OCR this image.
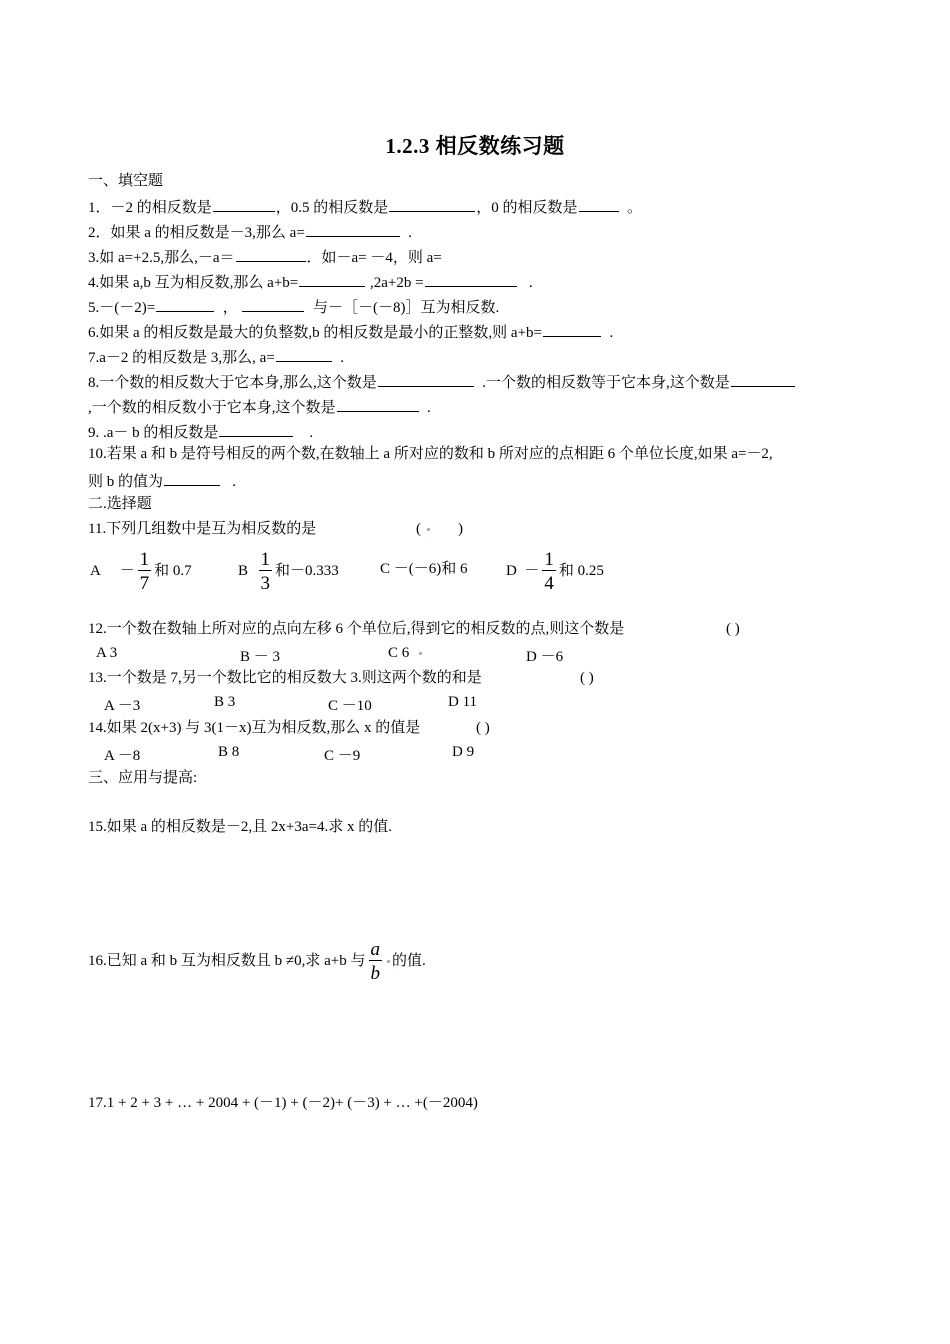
1.2.3 相反数练习题
一、填空题
1．－2 的相反数是	，0.5 的相反数是	，0 的相反数是	。
2．如果 a 的相反数是－3,那么 a=	.
3.如 a=+2.5,那么,－a＝	．如－a= －4，则 a=
4.如果 a,b 互为相反数,那么 a+b=	,2a+2b =	.
5.－(－2)=	，	与－［－(－8)］互为相反数.
6.如果 a 的相反数是最大的负整数,b 的相反数是最小的正整数,则 a+b=	.
7.a－2 的相反数是 3,那么, a=	.
8.一个数的相反数大于它本身,那么,这个数是	.一个数的相反数等于它本身,这个数是
,一个数的相反数小于它本身,这个数是	.
9. .a－ b 的相反数是	.
10.若果 a 和 b 是符号相反的两个数,在数轴上 a 所对应的数和 b 所对应的点相距 6 个单位长度,如果 a=－2,
则 b 的值为	.
二.选择题
11.下列几组数中是互为相反数的是	( )
$A - \frac{1}{7}$ 和 0.7	B $\frac{1}{3}$ 和－0.333	C －(－6)和 6	$D - \frac{1}{4}$ 和 0.25
12.一个数在数轴上所对应的点向左移 6 个单位后,得到它的相反数的点,则这个数是	( )
A 3	B － 3	C 6	D －6
13.一个数是 7,另一个数比它的相反数大 3.则这两个数的和是	( )
A －3	B 3	C －10	D 11
14.如果 2(x+3) 与 3(1－x)互为相反数,那么 x 的值是	( )
A －8	B 8	C －9	D 9
三、应用与提高:
15.如果 a 的相反数是－2,且 2x+3a=4.求 x 的值.
16.已知 a 和 b 互为相反数且 b ≠0,求 a+b 与 $\frac{a}{b}$ 的值.
17.1 + 2 + 3 + … + 2004 + (－1) + (－2)+ (－3) + … +(－2004)
